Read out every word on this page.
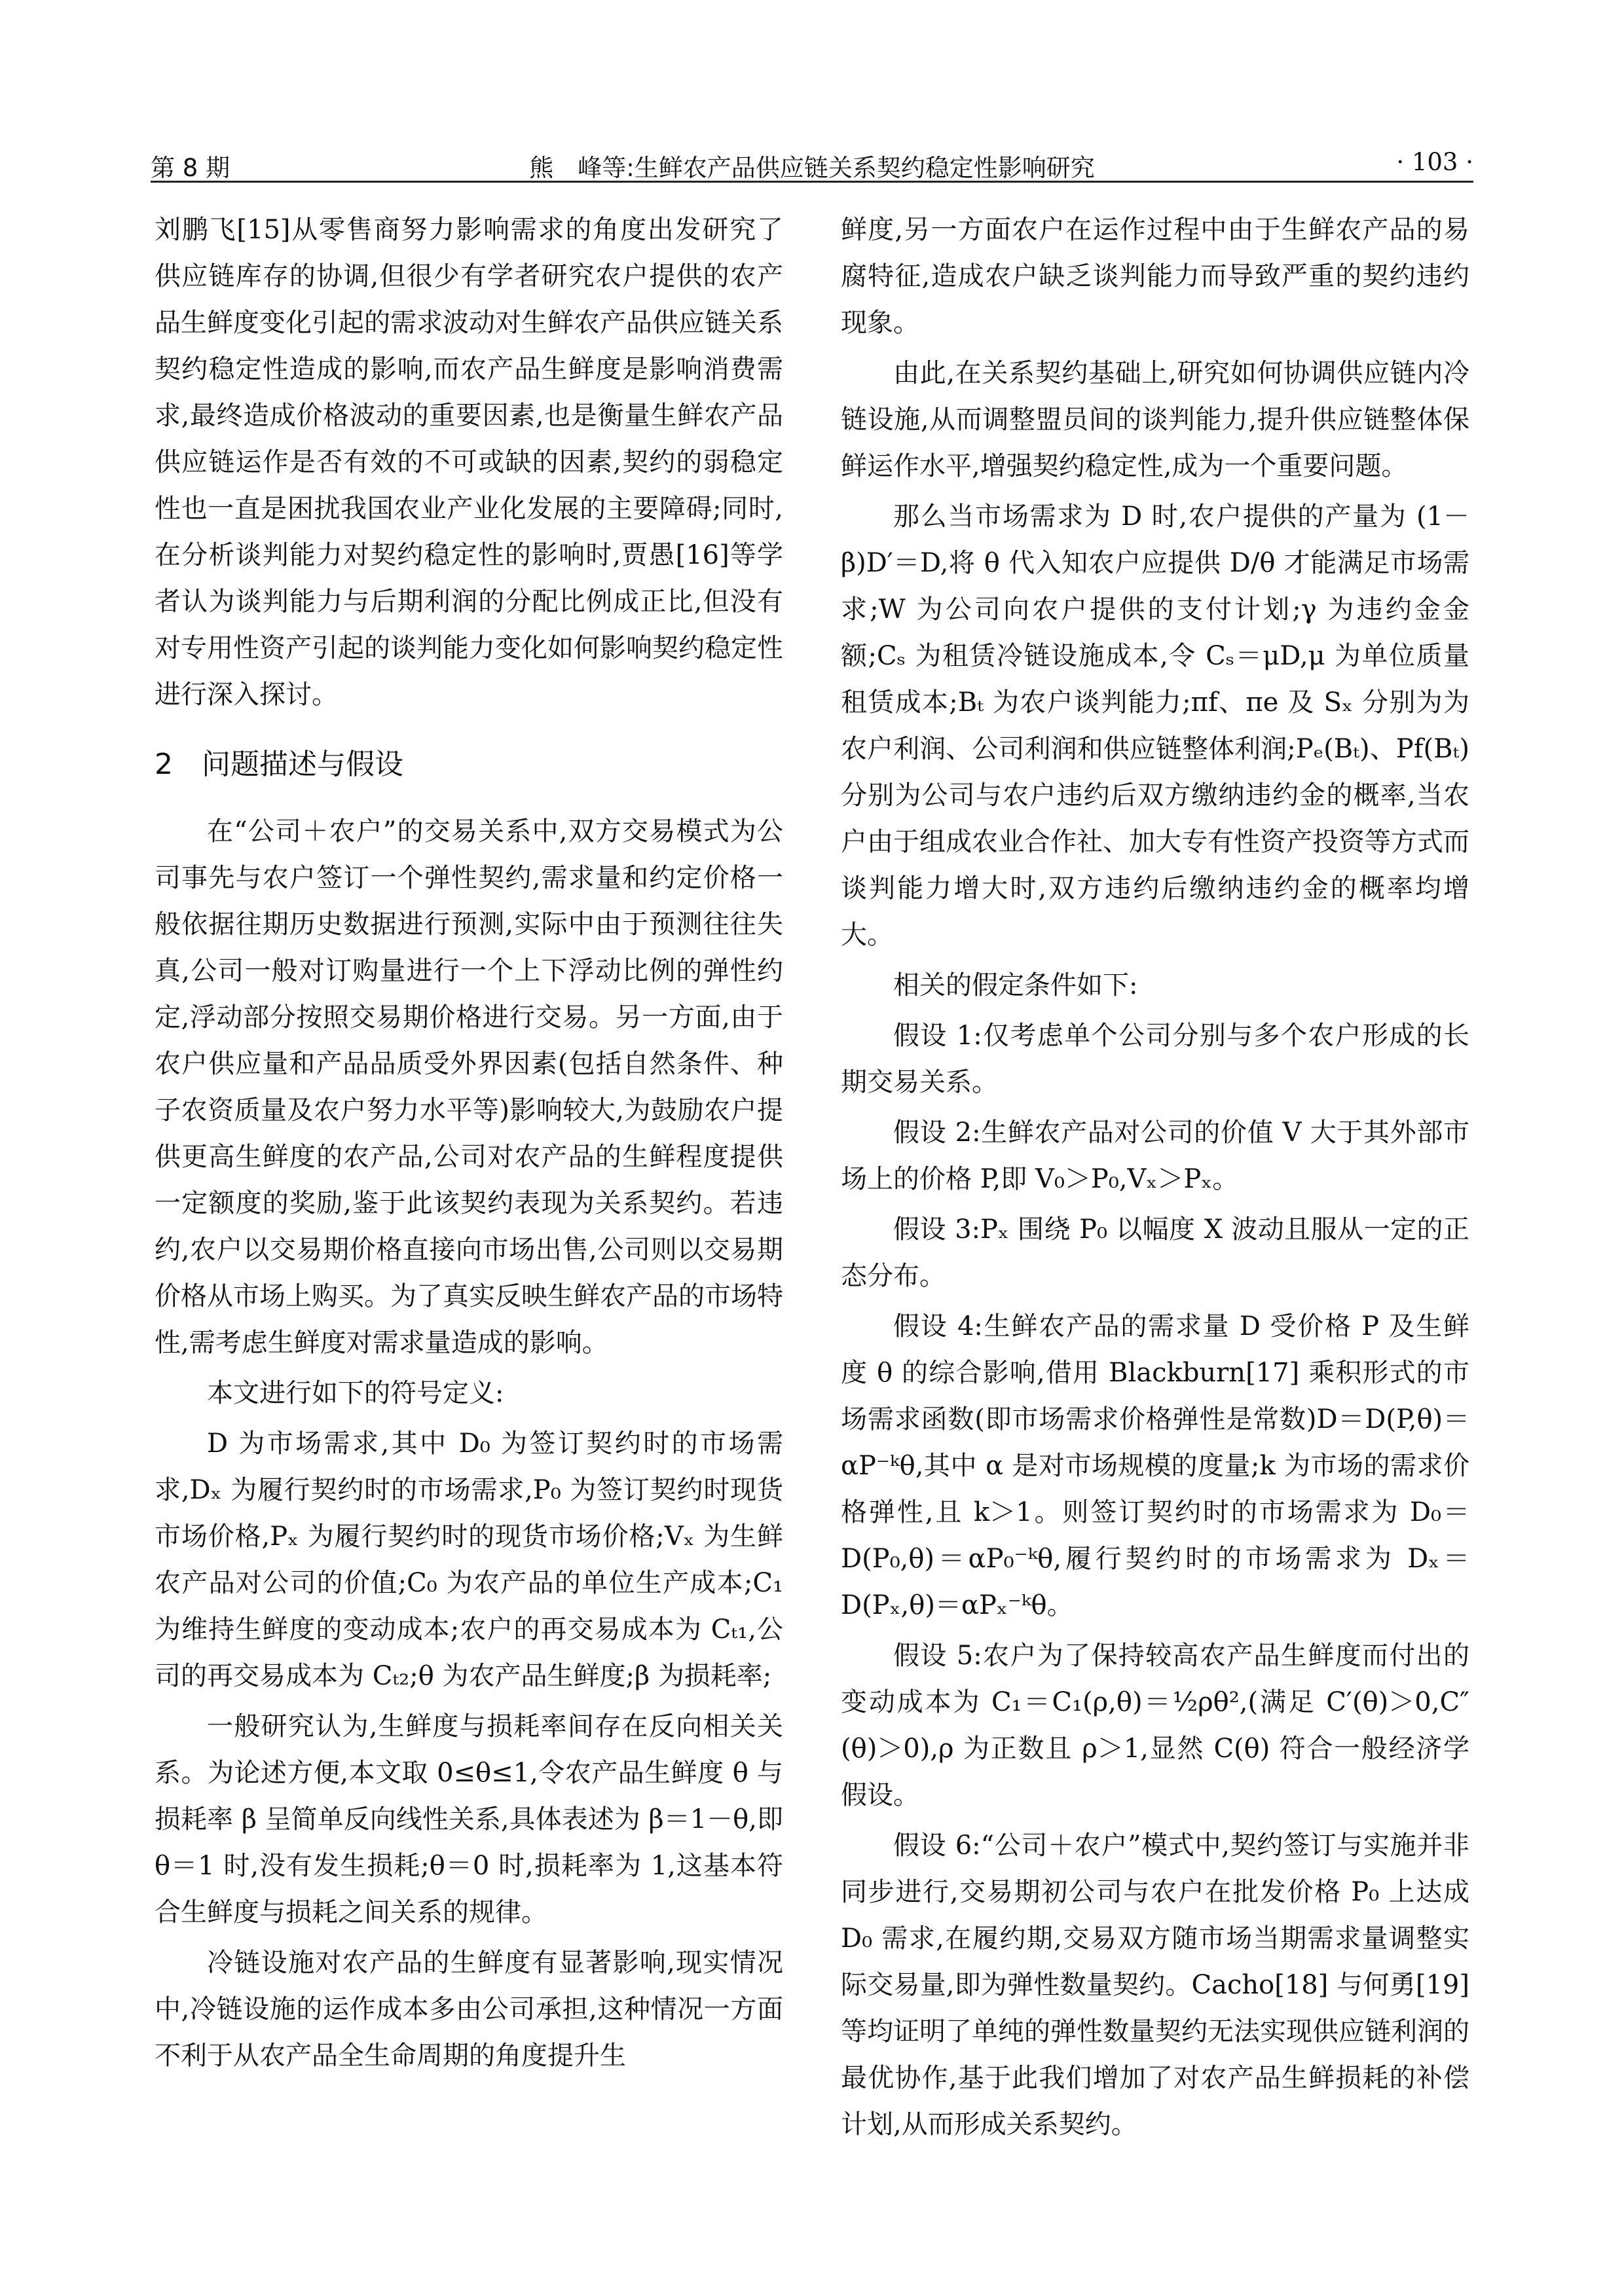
第 8 期	熊　峰等:生鲜农产品供应链关系契约稳定性影响研究	· 103 ·

刘鹏飞[15]从零售商努力影响需求的角度出发研究了供应链库存的协调,但很少有学者研究农户提供的农产品生鲜度变化引起的需求波动对生鲜农产品供应链关系契约稳定性造成的影响,而农产品生鲜度是影响消费需求,最终造成价格波动的重要因素,也是衡量生鲜农产品供应链运作是否有效的不可或缺的因素,契约的弱稳定性也一直是困扰我国农业产业化发展的主要障碍;同时,在分析谈判能力对契约稳定性的影响时,贾愚[16]等学者认为谈判能力与后期利润的分配比例成正比,但没有对专用性资产引起的谈判能力变化如何影响契约稳定性进行深入探讨。

2　问题描述与假设

在“公司＋农户”的交易关系中,双方交易模式为公司事先与农户签订一个弹性契约,需求量和约定价格一般依据往期历史数据进行预测,实际中由于预测往往失真,公司一般对订购量进行一个上下浮动比例的弹性约定,浮动部分按照交易期价格进行交易。另一方面,由于农户供应量和产品品质受外界因素(包括自然条件、种子农资质量及农户努力水平等)影响较大,为鼓励农户提供更高生鲜度的农产品,公司对农产品的生鲜程度提供一定额度的奖励,鉴于此该契约表现为关系契约。若违约,农户以交易期价格直接向市场出售,公司则以交易期价格从市场上购买。为了真实反映生鲜农产品的市场特性,需考虑生鲜度对需求量造成的影响。

本文进行如下的符号定义:

D 为市场需求,其中 D₀ 为签订契约时的市场需求,Dₓ 为履行契约时的市场需求,P₀ 为签订契约时现货市场价格,Pₓ 为履行契约时的现货市场价格;Vₓ 为生鲜农产品对公司的价值;C₀ 为农产品的单位生产成本;C₁ 为维持生鲜度的变动成本;农户的再交易成本为 Cₜ₁,公司的再交易成本为 Cₜ₂;θ 为农产品生鲜度;β 为损耗率;

一般研究认为,生鲜度与损耗率间存在反向相关关系。为论述方便,本文取 0≤θ≤1,令农产品生鲜度 θ 与损耗率 β 呈简单反向线性关系,具体表述为 β＝1－θ,即 θ＝1 时,没有发生损耗;θ＝0 时,损耗率为 1,这基本符合生鲜度与损耗之间关系的规律。

冷链设施对农产品的生鲜度有显著影响,现实情况中,冷链设施的运作成本多由公司承担,这种情况一方面不利于从农产品全生命周期的角度提升生

鲜度,另一方面农户在运作过程中由于生鲜农产品的易腐特征,造成农户缺乏谈判能力而导致严重的契约违约现象。

由此,在关系契约基础上,研究如何协调供应链内冷链设施,从而调整盟员间的谈判能力,提升供应链整体保鲜运作水平,增强契约稳定性,成为一个重要问题。

那么当市场需求为 D 时,农户提供的产量为 (1－β)D′＝D,将 θ 代入知农户应提供 D/θ 才能满足市场需求;W 为公司向农户提供的支付计划;γ 为违约金金额;Cₛ 为租赁冷链设施成本,令 Cₛ＝μD,μ 为单位质量租赁成本;Bₜ 为农户谈判能力;πf、πe 及 Sₓ 分别为为农户利润、公司利润和供应链整体利润;Pₑ(Bₜ)、Pf(Bₜ) 分别为公司与农户违约后双方缴纳违约金的概率,当农户由于组成农业合作社、加大专有性资产投资等方式而谈判能力增大时,双方违约后缴纳违约金的概率均增大。

相关的假定条件如下:

假设 1:仅考虑单个公司分别与多个农户形成的长期交易关系。

假设 2:生鲜农产品对公司的价值 V 大于其外部市场上的价格 P,即 V₀＞P₀,Vₓ＞Pₓ。

假设 3:Pₓ 围绕 P₀ 以幅度 X 波动且服从一定的正态分布。

假设 4:生鲜农产品的需求量 D 受价格 P 及生鲜度 θ 的综合影响,借用 Blackburn[17] 乘积形式的市场需求函数(即市场需求价格弹性是常数)D＝D(P,θ)＝αP⁻ᵏθ,其中 α 是对市场规模的度量;k 为市场的需求价格弹性,且 k＞1。则签订契约时的市场需求为 D₀＝D(P₀,θ)＝αP₀⁻ᵏθ,履行契约时的市场需求为 Dₓ＝D(Pₓ,θ)＝αPₓ⁻ᵏθ。

假设 5:农户为了保持较高农产品生鲜度而付出的变动成本为 C₁＝C₁(ρ,θ)＝½ρθ²,(满足 C′(θ)＞0,C″(θ)＞0),ρ 为正数且 ρ＞1,显然 C(θ) 符合一般经济学假设。

假设 6:“公司＋农户”模式中,契约签订与实施并非同步进行,交易期初公司与农户在批发价格 P₀ 上达成 D₀ 需求,在履约期,交易双方随市场当期需求量调整实际交易量,即为弹性数量契约。Cacho[18] 与何勇[19] 等均证明了单纯的弹性数量契约无法实现供应链利润的最优协作,基于此我们增加了对农产品生鲜损耗的补偿计划,从而形成关系契约。
